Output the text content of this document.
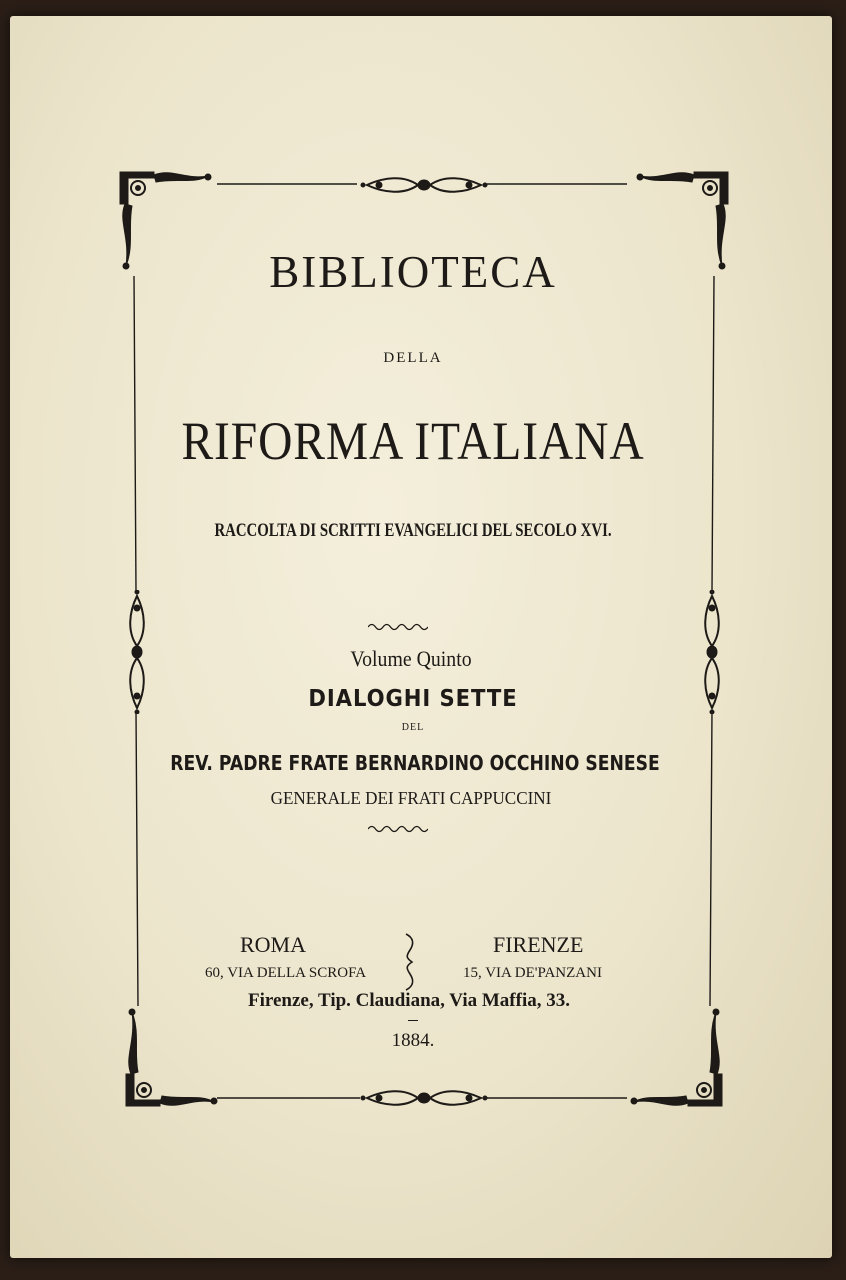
BIBLIOTECA
DELLA
RIFORMA ITALIANA
RACCOLTA DI SCRITTI EVANGELICI DEL SECOLO XVI.
Volume Quinto
DIALOGHI SETTE
DEL
REV. PADRE FRATE BERNARDINO OCCHINO SENESE
GENERALE DEI FRATI CAPPUCCINI
ROMA
60, VIA DELLA SCROFA
FIRENZE
15, VIA DE'PANZANI
Firenze, Tip. Claudiana, Via Maffia, 33.
1884.
